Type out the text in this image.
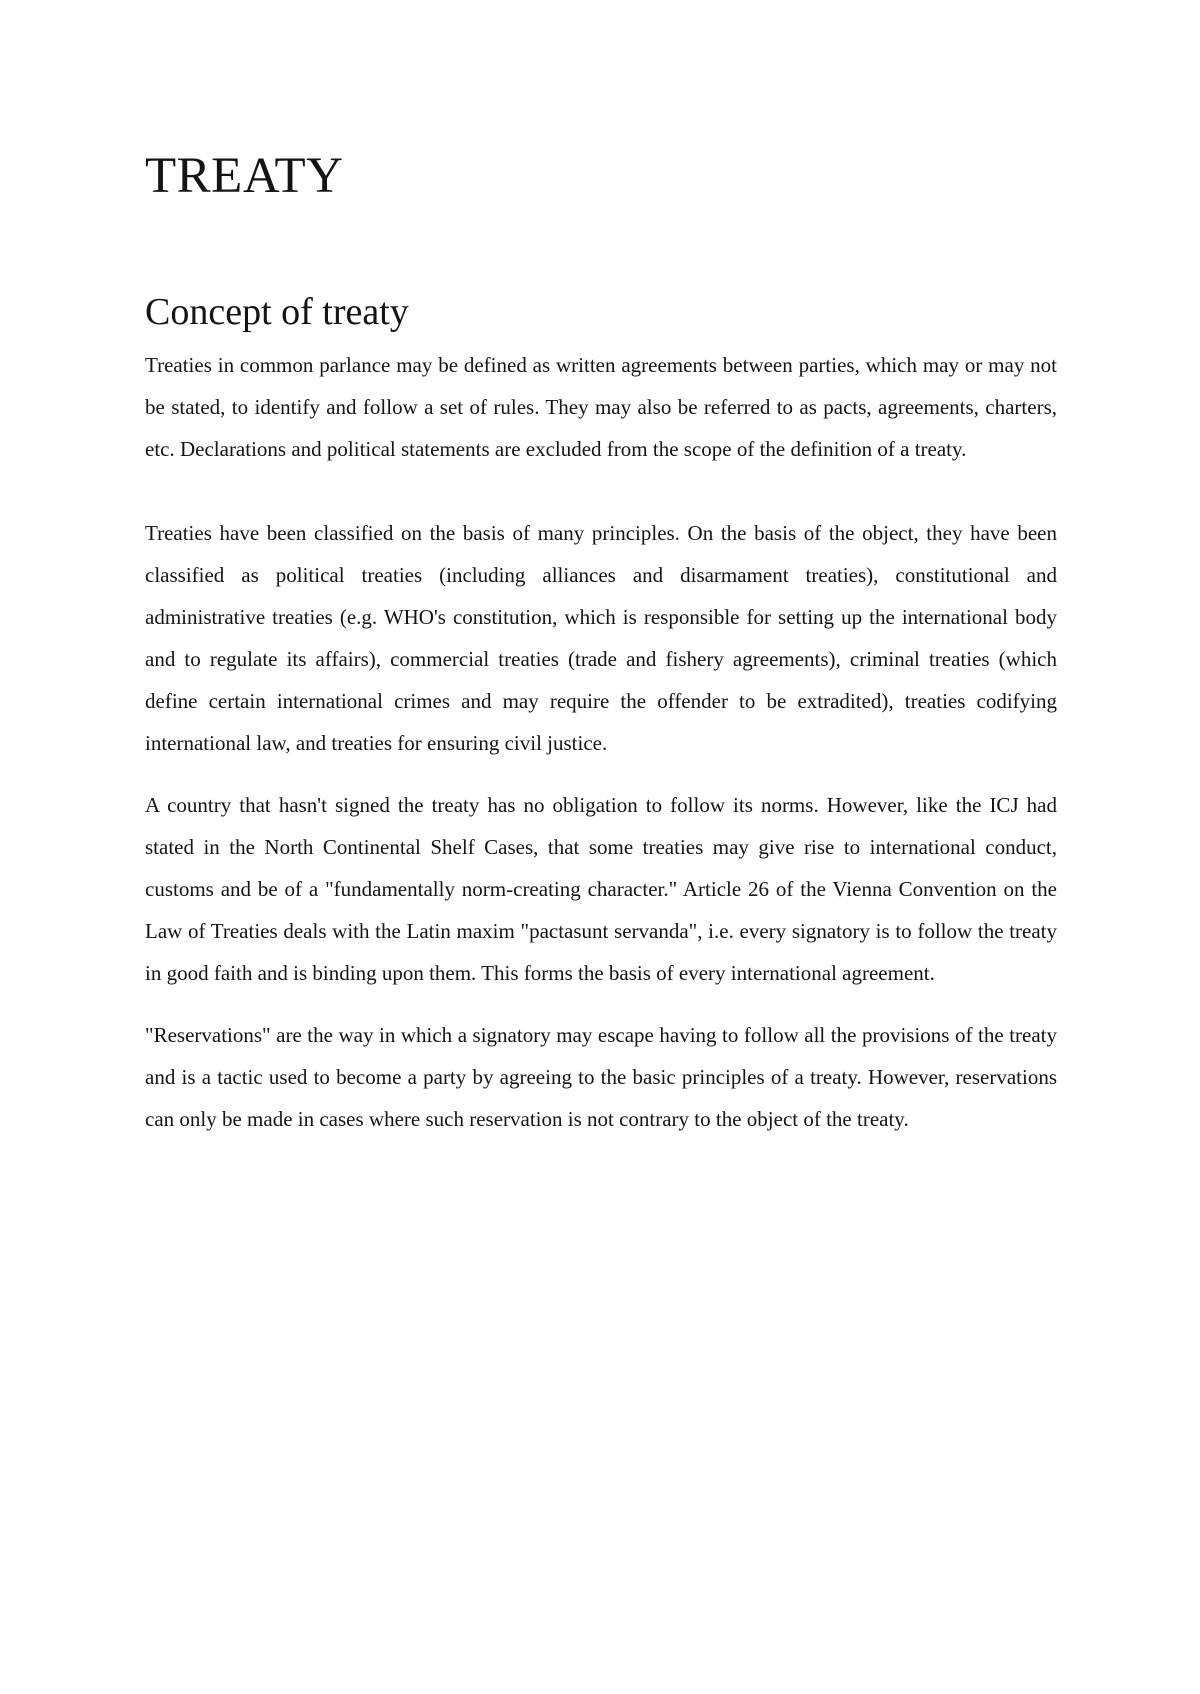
TREATY
Concept of treaty

Treaties in common parlance may be defined as written agreements between parties, which may or may not be stated, to identify and follow a set of rules. They may also be referred to as pacts, agreements, charters, etc. Declarations and political statements are excluded from the scope of the definition of a treaty.

Treaties have been classified on the basis of many principles. On the basis of the object, they have been classified as political treaties (including alliances and disarmament treaties), constitutional and administrative treaties (e.g. WHO's constitution, which is responsible for setting up the international body and to regulate its affairs), commercial treaties (trade and fishery agreements), criminal treaties (which define certain international crimes and may require the offender to be extradited), treaties codifying international law, and treaties for ensuring civil justice.

A country that hasn't signed the treaty has no obligation to follow its norms. However, like the ICJ had stated in the North Continental Shelf Cases, that some treaties may give rise to international conduct, customs and be of a "fundamentally norm-creating character." Article 26 of the Vienna Convention on the Law of Treaties deals with the Latin maxim "pactasunt servanda", i.e. every signatory is to follow the treaty in good faith and is binding upon them. This forms the basis of every international agreement.

"Reservations" are the way in which a signatory may escape having to follow all the provisions of the treaty and is a tactic used to become a party by agreeing to the basic principles of a treaty. However, reservations can only be made in cases where such reservation is not contrary to the object of the treaty.
